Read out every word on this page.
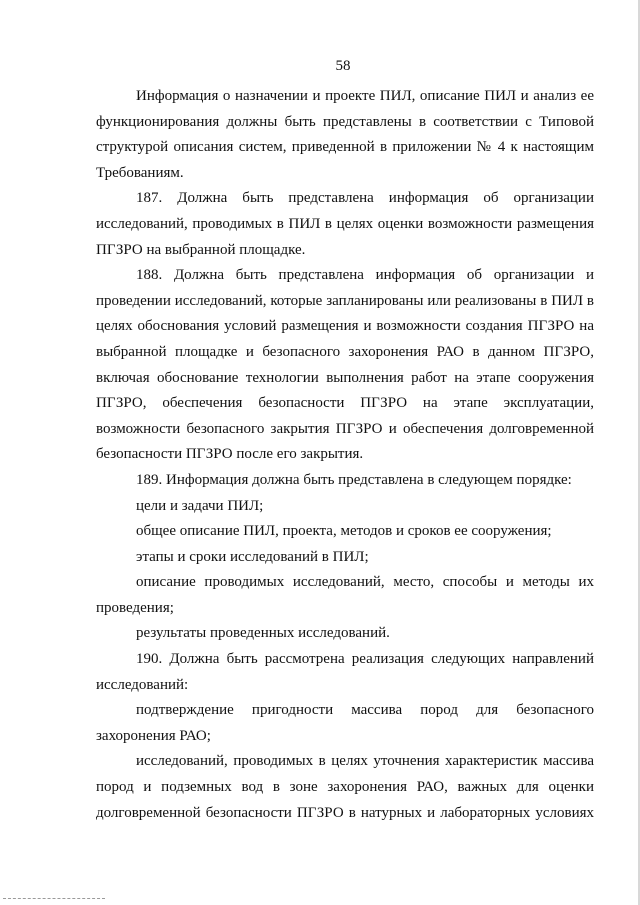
58

Информация о назначении и проекте ПИЛ, описание ПИЛ и анализ ее функционирования должны быть представлены в соответствии с Типовой структурой описания систем, приведенной в приложении № 4 к настоящим Требованиям.

187. Должна быть представлена информация об организации исследований, проводимых в ПИЛ в целях оценки возможности размещения ПГЗРО на выбранной площадке.

188. Должна быть представлена информация об организации и проведении исследований, которые запланированы или реализованы в ПИЛ в целях обоснования условий размещения и возможности создания ПГЗРО на выбранной площадке и безопасного захоронения РАО в данном ПГЗРО, включая обоснование технологии выполнения работ на этапе сооружения ПГЗРО, обеспечения безопасности ПГЗРО на этапе эксплуатации, возможности безопасного закрытия ПГЗРО и обеспечения долговременной безопасности ПГЗРО после его закрытия.

189. Информация должна быть представлена в следующем порядке:

цели и задачи ПИЛ;

общее описание ПИЛ, проекта, методов и сроков ее сооружения;

этапы и сроки исследований в ПИЛ;

описание проводимых исследований, место, способы и методы их проведения;

результаты проведенных исследований.

190. Должна быть рассмотрена реализация следующих направлений исследований:

подтверждение пригодности массива пород для безопасного захоронения РАО;

исследований, проводимых в целях уточнения характеристик массива пород и подземных вод в зоне захоронения РАО, важных для оценки долговременной безопасности ПГЗРО в натурных и лабораторных условиях
